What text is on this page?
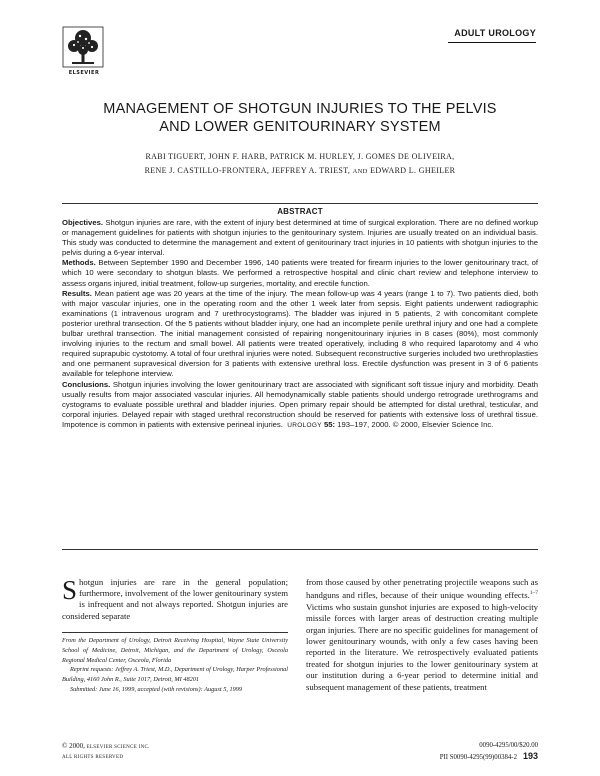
ELSEVIER
ADULT UROLOGY
MANAGEMENT OF SHOTGUN INJURIES TO THE PELVIS
AND LOWER GENITOURINARY SYSTEM
RABI TIGUERT, JOHN F. HARB, PATRICK M. HURLEY, J. GOMES DE OLIVEIRA,
RENE J. CASTILLO-FRONTERA, JEFFREY A. TRIEST, AND EDWARD L. GHEILER
ABSTRACT

Objectives. Shotgun injuries are rare, with the extent of injury best determined at time of surgical exploration. There are no defined workup or management guidelines for patients with shotgun injuries to the genitourinary system. Injuries are usually treated on an individual basis. This study was conducted to determine the management and extent of genitourinary tract injuries in 10 patients with shotgun injuries to the pelvis during a 6-year interval.

Methods. Between September 1990 and December 1996, 140 patients were treated for firearm injuries to the lower genitourinary tract, of which 10 were secondary to shotgun blasts. We performed a retrospective hospital and clinic chart review and telephone interview to assess organs injured, initial treatment, follow-up surgeries, mortality, and erectile function.

Results. Mean patient age was 20 years at the time of the injury. The mean follow-up was 4 years (range 1 to 7). Two patients died, both with major vascular injuries, one in the operating room and the other 1 week later from sepsis. Eight patients underwent radiographic examinations (1 intravenous urogram and 7 urethrocystograms). The bladder was injured in 5 patients, 2 with concomitant complete posterior urethral transection. Of the 5 patients without bladder injury, one had an incomplete penile urethral injury and one had a complete bulbar urethral transection. The initial management consisted of repairing nongenitourinary injuries in 8 cases (80%), most commonly involving injuries to the rectum and small bowel. All patients were treated operatively, including 8 who required laparotomy and 4 who required suprapubic cystotomy. A total of four urethral injuries were noted. Subsequent reconstructive surgeries included two urethroplasties and one permanent supravesical diversion for 3 patients with extensive urethral loss. Erectile dysfunction was present in 3 of 6 patients available for telephone interview.

Conclusions. Shotgun injuries involving the lower genitourinary tract are associated with significant soft tissue injury and morbidity. Death usually results from major associated vascular injuries. All hemodynamically stable patients should undergo retrograde urethrograms and cystograms to evaluate possible urethral and bladder injuries. Open primary repair should be attempted for distal urethral, testicular, and corporal injuries. Delayed repair with staged urethral reconstruction should be reserved for patients with extensive loss of urethral tissue. Impotence is common in patients with extensive perineal injuries. UROLOGY 55: 193–197, 2000. © 2000, Elsevier Science Inc.

Shotgun injuries are rare in the general population; furthermore, involvement of the lower genitourinary system is infrequent and not always reported. Shotgun injuries are considered separate

From the Department of Urology, Detroit Receiving Hospital, Wayne State University School of Medicine, Detroit, Michigan, and the Department of Urology, Osceola Regional Medical Center, Osceola, Florida

Reprint requests: Jeffrey A. Triest, M.D., Department of Urology, Harper Professional Building, 4160 John R., Suite 1017, Detroit, MI 48201

Submitted: June 16, 1999, accepted (with revisions): August 5, 1999

from those caused by other penetrating projectile weapons such as handguns and rifles, because of their unique wounding effects.$^{1-7}$ Victims who sustain gunshot injuries are exposed to high-velocity missile forces with larger areas of destruction creating multiple organ injuries. There are no specific guidelines for management of lower genitourinary wounds, with only a few cases having been reported in the literature. We retrospectively evaluated patients treated for shotgun injuries to the lower genitourinary system at our institution during a 6-year period to determine initial and subsequent management of these patients, treatment

© 2000, ELSEVIER SCIENCE INC.
ALL RIGHTS RESERVED
0090-4295/00/$20.00
PII S0090-4295(99)00384-2 193
